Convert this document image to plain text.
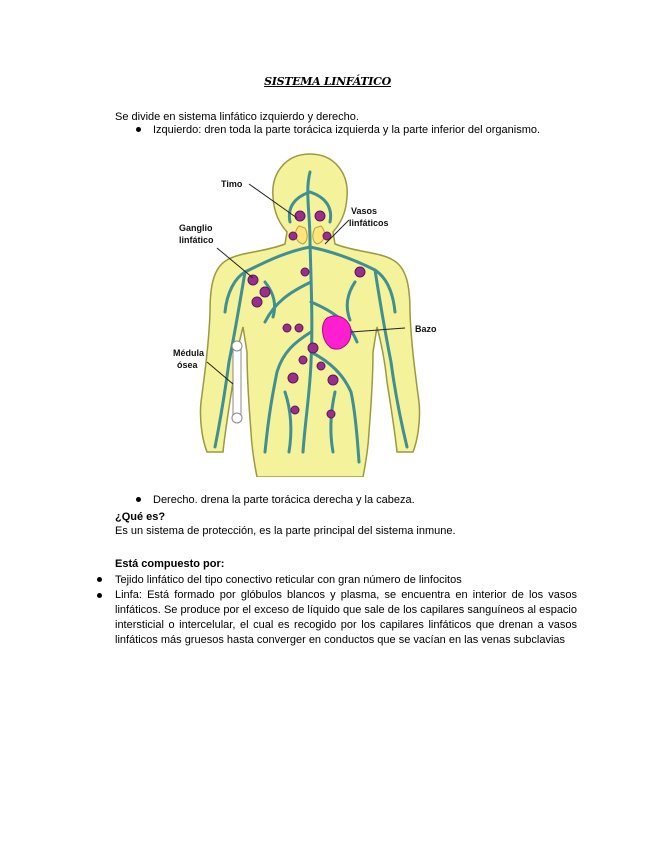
SISTEMA LINFÁTICO
Se divide en sistema linfático izquierdo y derecho.
Izquierdo: dren toda la parte torácica izquierda y la parte inferior del organismo.
Timo
Vasos
linfáticos
Ganglio
linfático
Bazo
Médula
ósea
Derecho. drena la parte torácica derecha y la cabeza.
¿Qué es?
Es un sistema de protección, es la parte principal del sistema inmune.
Está compuesto por:
Tejido linfático del tipo conectivo reticular con gran número de linfocitos
Linfa: Está formado por glóbulos blancos y plasma, se encuentra en interior de los vasos linfáticos. Se produce por el exceso de líquido que sale de los capilares sanguíneos al espacio intersticial o intercelular, el cual es recogido por los capilares linfáticos que drenan a vasos linfáticos más gruesos hasta converger en conductos que se vacían en las venas subclavias
